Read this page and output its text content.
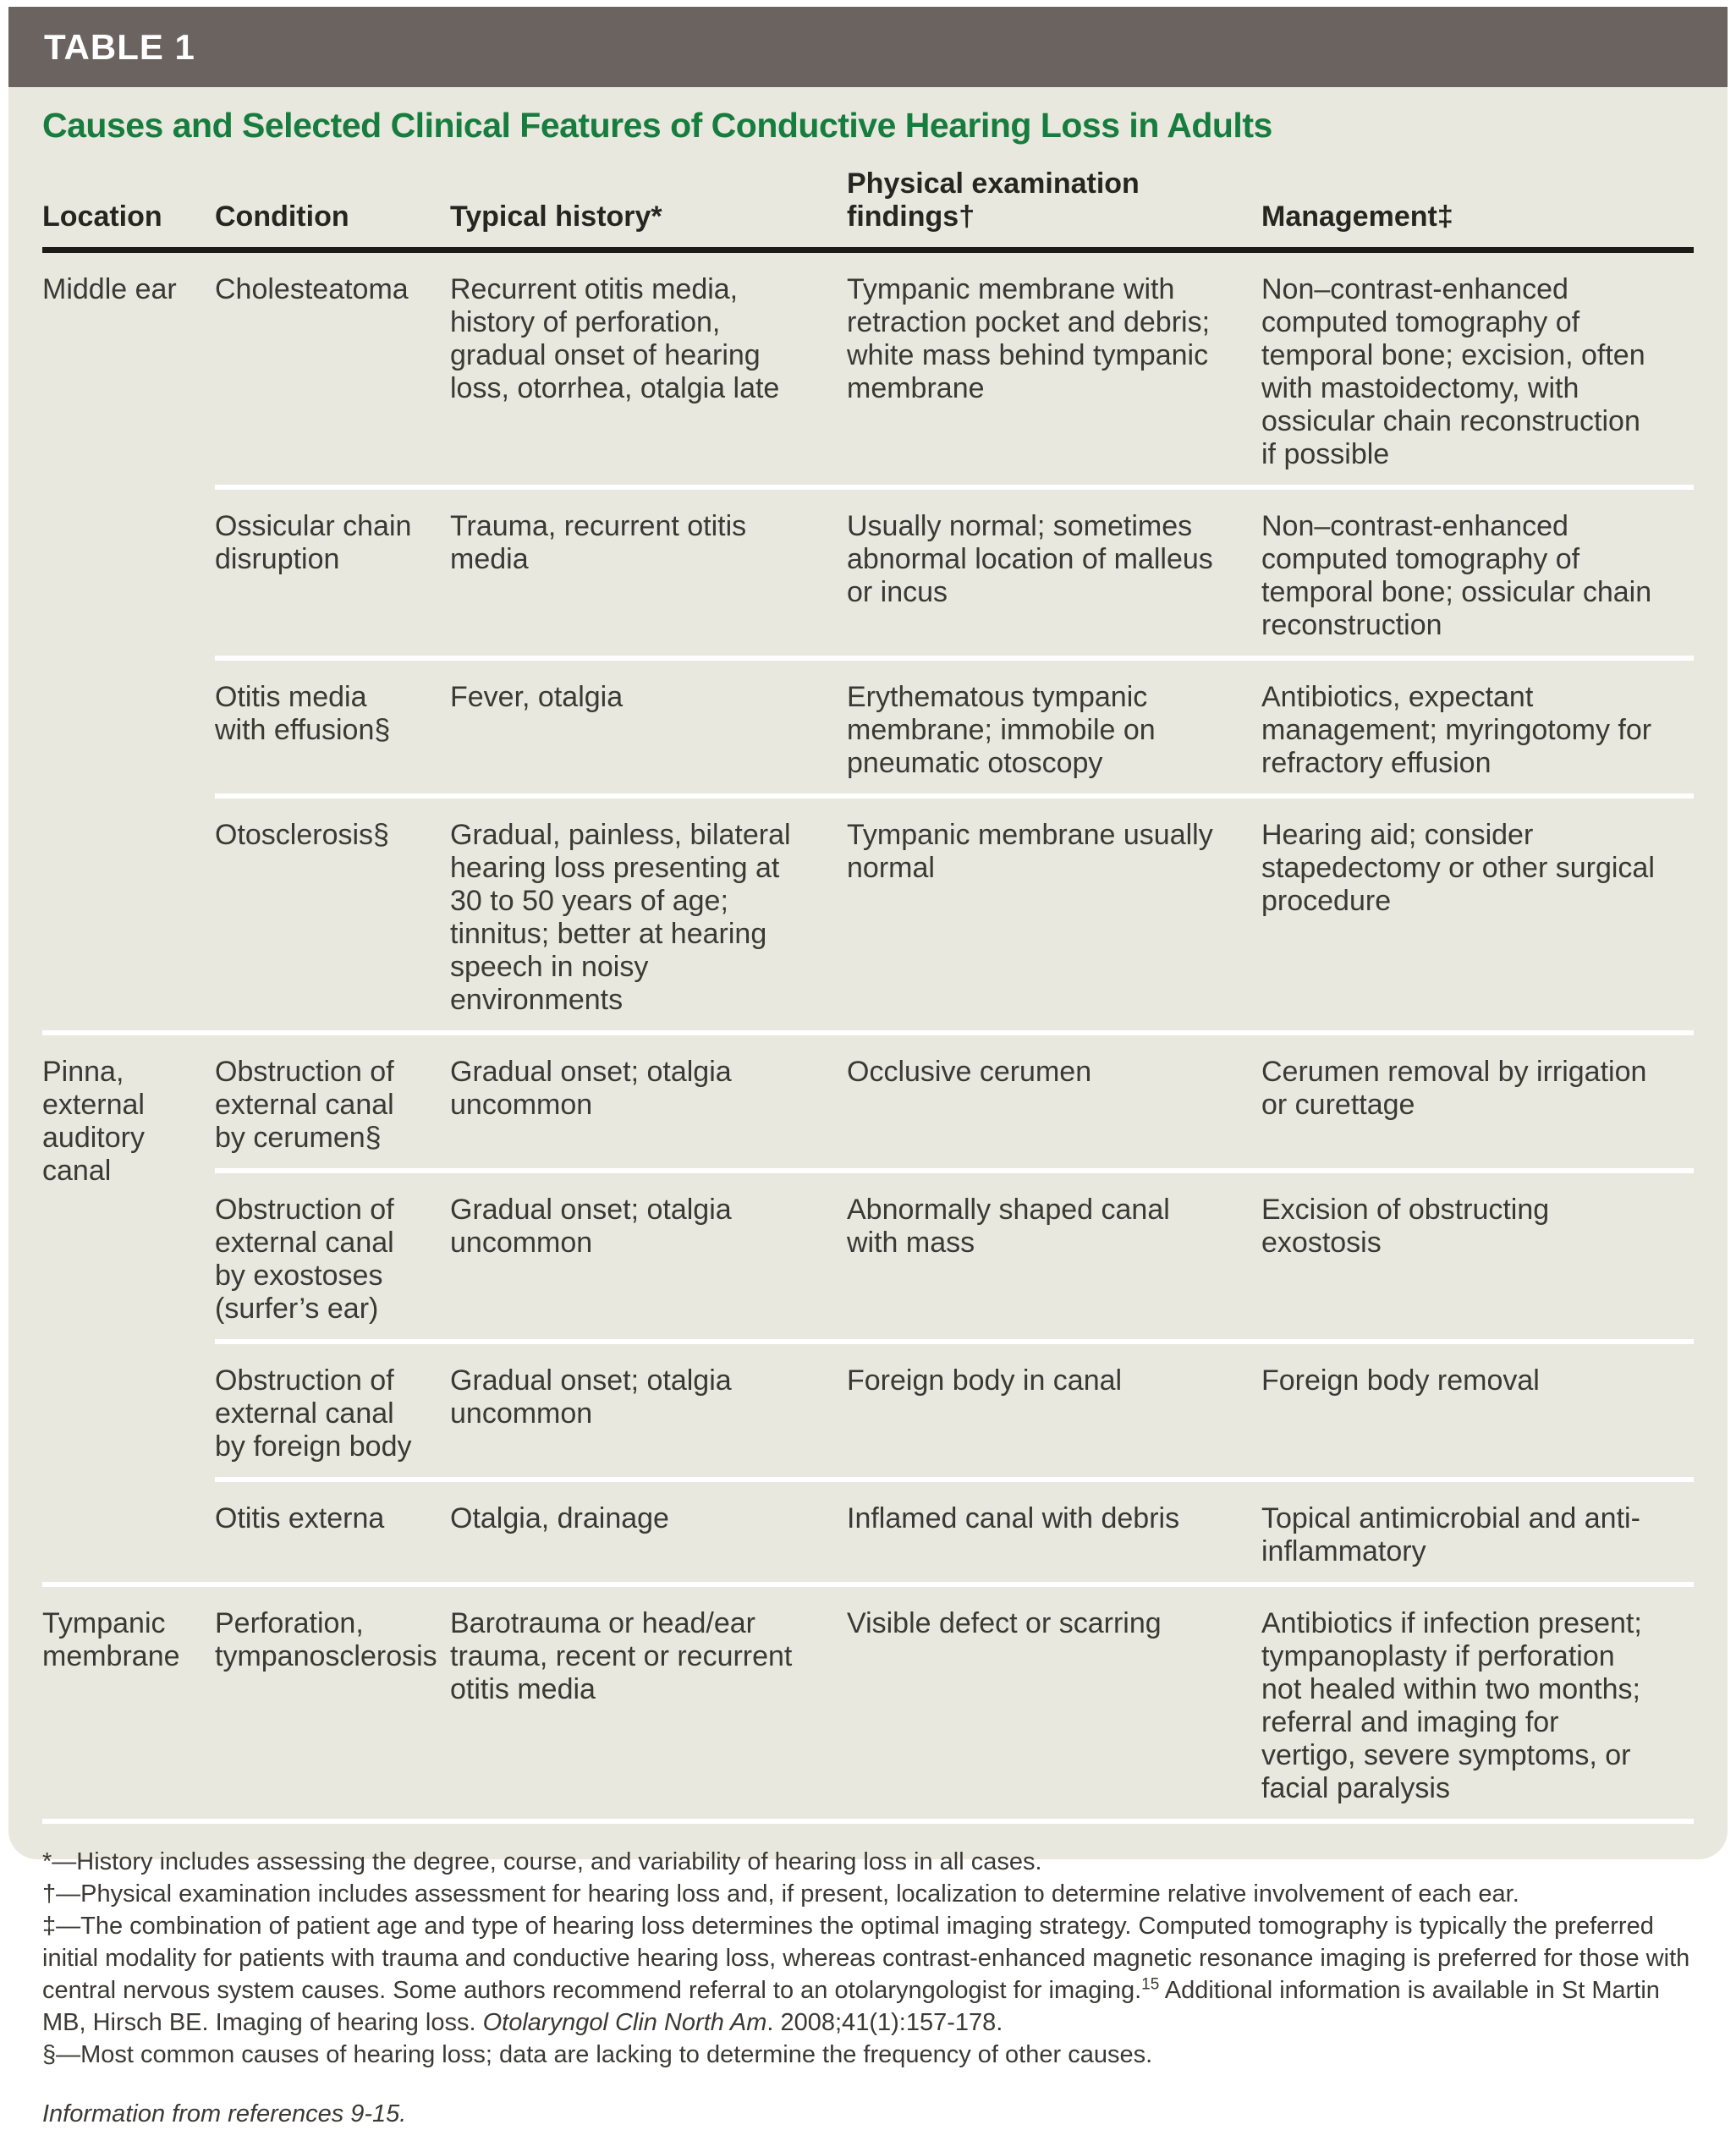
TABLE 1
Causes and Selected Clinical Features of Conductive Hearing Loss in Adults
Location	Condition	Typical history*	Physical examination findings†	Management‡
Middle ear	Cholesteatoma	Recurrent otitis media, history of perforation, gradual onset of hearing loss, otorrhea, otalgia late	Tympanic membrane with retraction pocket and debris; white mass behind tympanic membrane	Non–contrast-enhanced computed tomography of temporal bone; excision, often with mastoidectomy, with ossicular chain reconstruction if possible
	Ossicular chain disruption	Trauma, recurrent otitis media	Usually normal; sometimes abnormal location of malleus or incus	Non–contrast-enhanced computed tomography of temporal bone; ossicular chain reconstruction
	Otitis media with effusion§	Fever, otalgia	Erythematous tympanic membrane; immobile on pneumatic otoscopy	Antibiotics, expectant management; myringotomy for refractory effusion
	Otosclerosis§	Gradual, painless, bilateral hearing loss presenting at 30 to 50 years of age; tinnitus; better at hearing speech in noisy environments	Tympanic membrane usually normal	Hearing aid; consider stapedectomy or other surgical procedure
Pinna, external auditory canal	Obstruction of external canal by cerumen§	Gradual onset; otalgia uncommon	Occlusive cerumen	Cerumen removal by irrigation or curettage
	Obstruction of external canal by exostoses (surfer’s ear)	Gradual onset; otalgia uncommon	Abnormally shaped canal with mass	Excision of obstructing exostosis
	Obstruction of external canal by foreign body	Gradual onset; otalgia uncommon	Foreign body in canal	Foreign body removal
	Otitis externa	Otalgia, drainage	Inflamed canal with debris	Topical antimicrobial and anti-inflammatory
Tympanic membrane	Perforation, tympanosclerosis	Barotrauma or head/ear trauma, recent or recurrent otitis media	Visible defect or scarring	Antibiotics if infection present; tympanoplasty if perforation not healed within two months; referral and imaging for vertigo, severe symptoms, or facial paralysis

*—History includes assessing the degree, course, and variability of hearing loss in all cases.

†—Physical examination includes assessment for hearing loss and, if present, localization to determine relative involvement of each ear.

‡—The combination of patient age and type of hearing loss determines the optimal imaging strategy. Computed tomography is typically the preferred initial modality for patients with trauma and conductive hearing loss, whereas contrast-enhanced magnetic resonance imaging is preferred for those with central nervous system causes. Some authors recommend referral to an otolaryngologist for imaging.$^{15}$ Additional information is available in St Martin MB, Hirsch BE. Imaging of hearing loss. Otolaryngol Clin North Am. 2008;41(1):157-178.

§—Most common causes of hearing loss; data are lacking to determine the frequency of other causes.

Information from references 9-15.
